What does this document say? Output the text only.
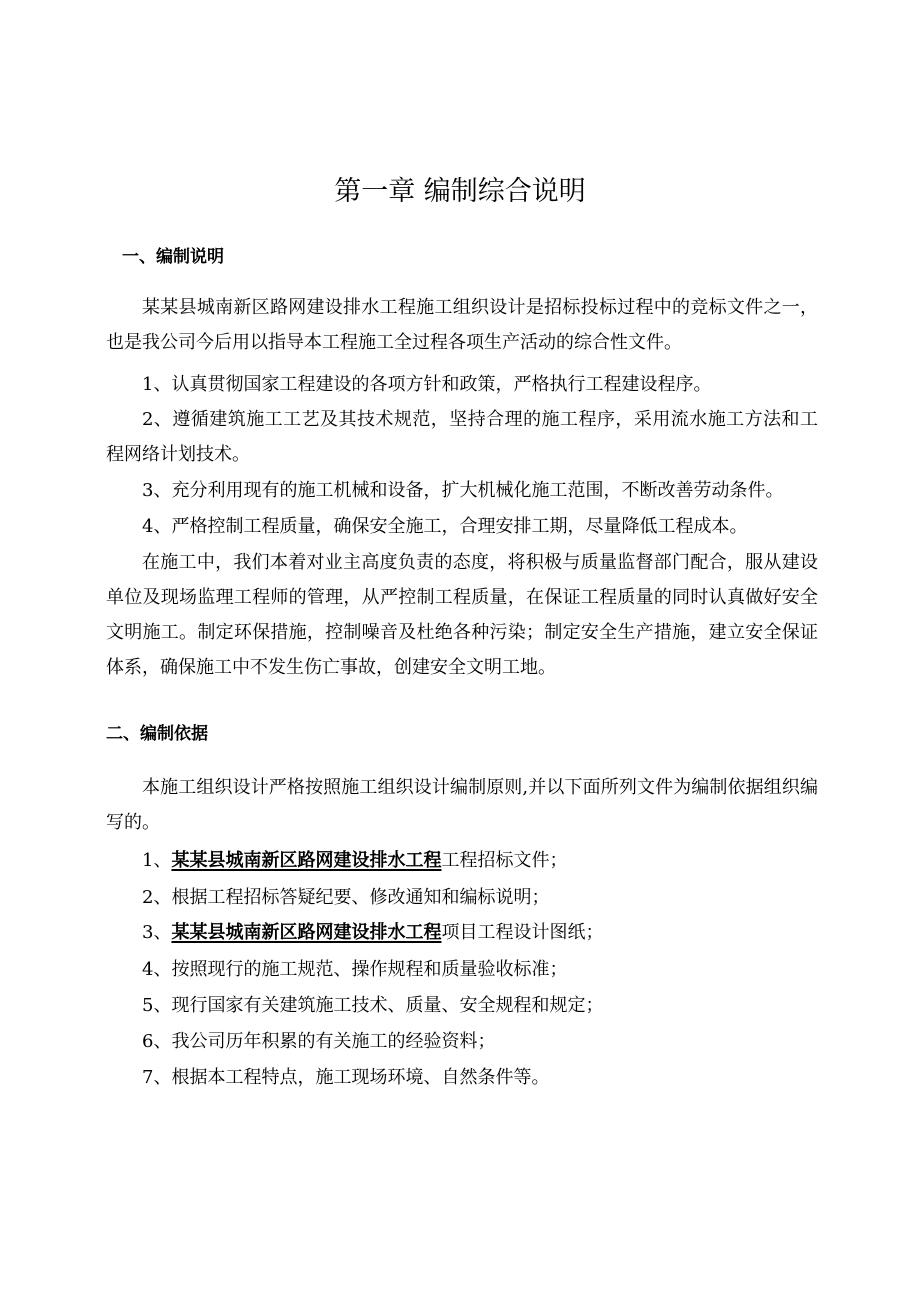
第一章 编制综合说明
一、编制说明

某某县城南新区路网建设排水工程施工组织设计是招标投标过程中的竞标文件之一，也是我公司今后用以指导本工程施工全过程各项生产活动的综合性文件。

1、认真贯彻国家工程建设的各项方针和政策，严格执行工程建设程序。

2、遵循建筑施工工艺及其技术规范，坚持合理的施工程序，采用流水施工方法和工程网络计划技术。

3、充分利用现有的施工机械和设备，扩大机械化施工范围，不断改善劳动条件。

4、严格控制工程质量，确保安全施工，合理安排工期，尽量降低工程成本。

在施工中，我们本着对业主高度负责的态度，将积极与质量监督部门配合，服从建设单位及现场监理工程师的管理，从严控制工程质量，在保证工程质量的同时认真做好安全文明施工。制定环保措施，控制噪音及杜绝各种污染；制定安全生产措施，建立安全保证体系，确保施工中不发生伤亡事故，创建安全文明工地。

二、编制依据

本施工组织设计严格按照施工组织设计编制原则,并以下面所列文件为编制依据组织编写的。

1、某某县城南新区路网建设排水工程工程招标文件；

2、根据工程招标答疑纪要、修改通知和编标说明；

3、某某县城南新区路网建设排水工程项目工程设计图纸；

4、按照现行的施工规范、操作规程和质量验收标准；

5、现行国家有关建筑施工技术、质量、安全规程和规定；

6、我公司历年积累的有关施工的经验资料；

7、根据本工程特点，施工现场环境、自然条件等。
